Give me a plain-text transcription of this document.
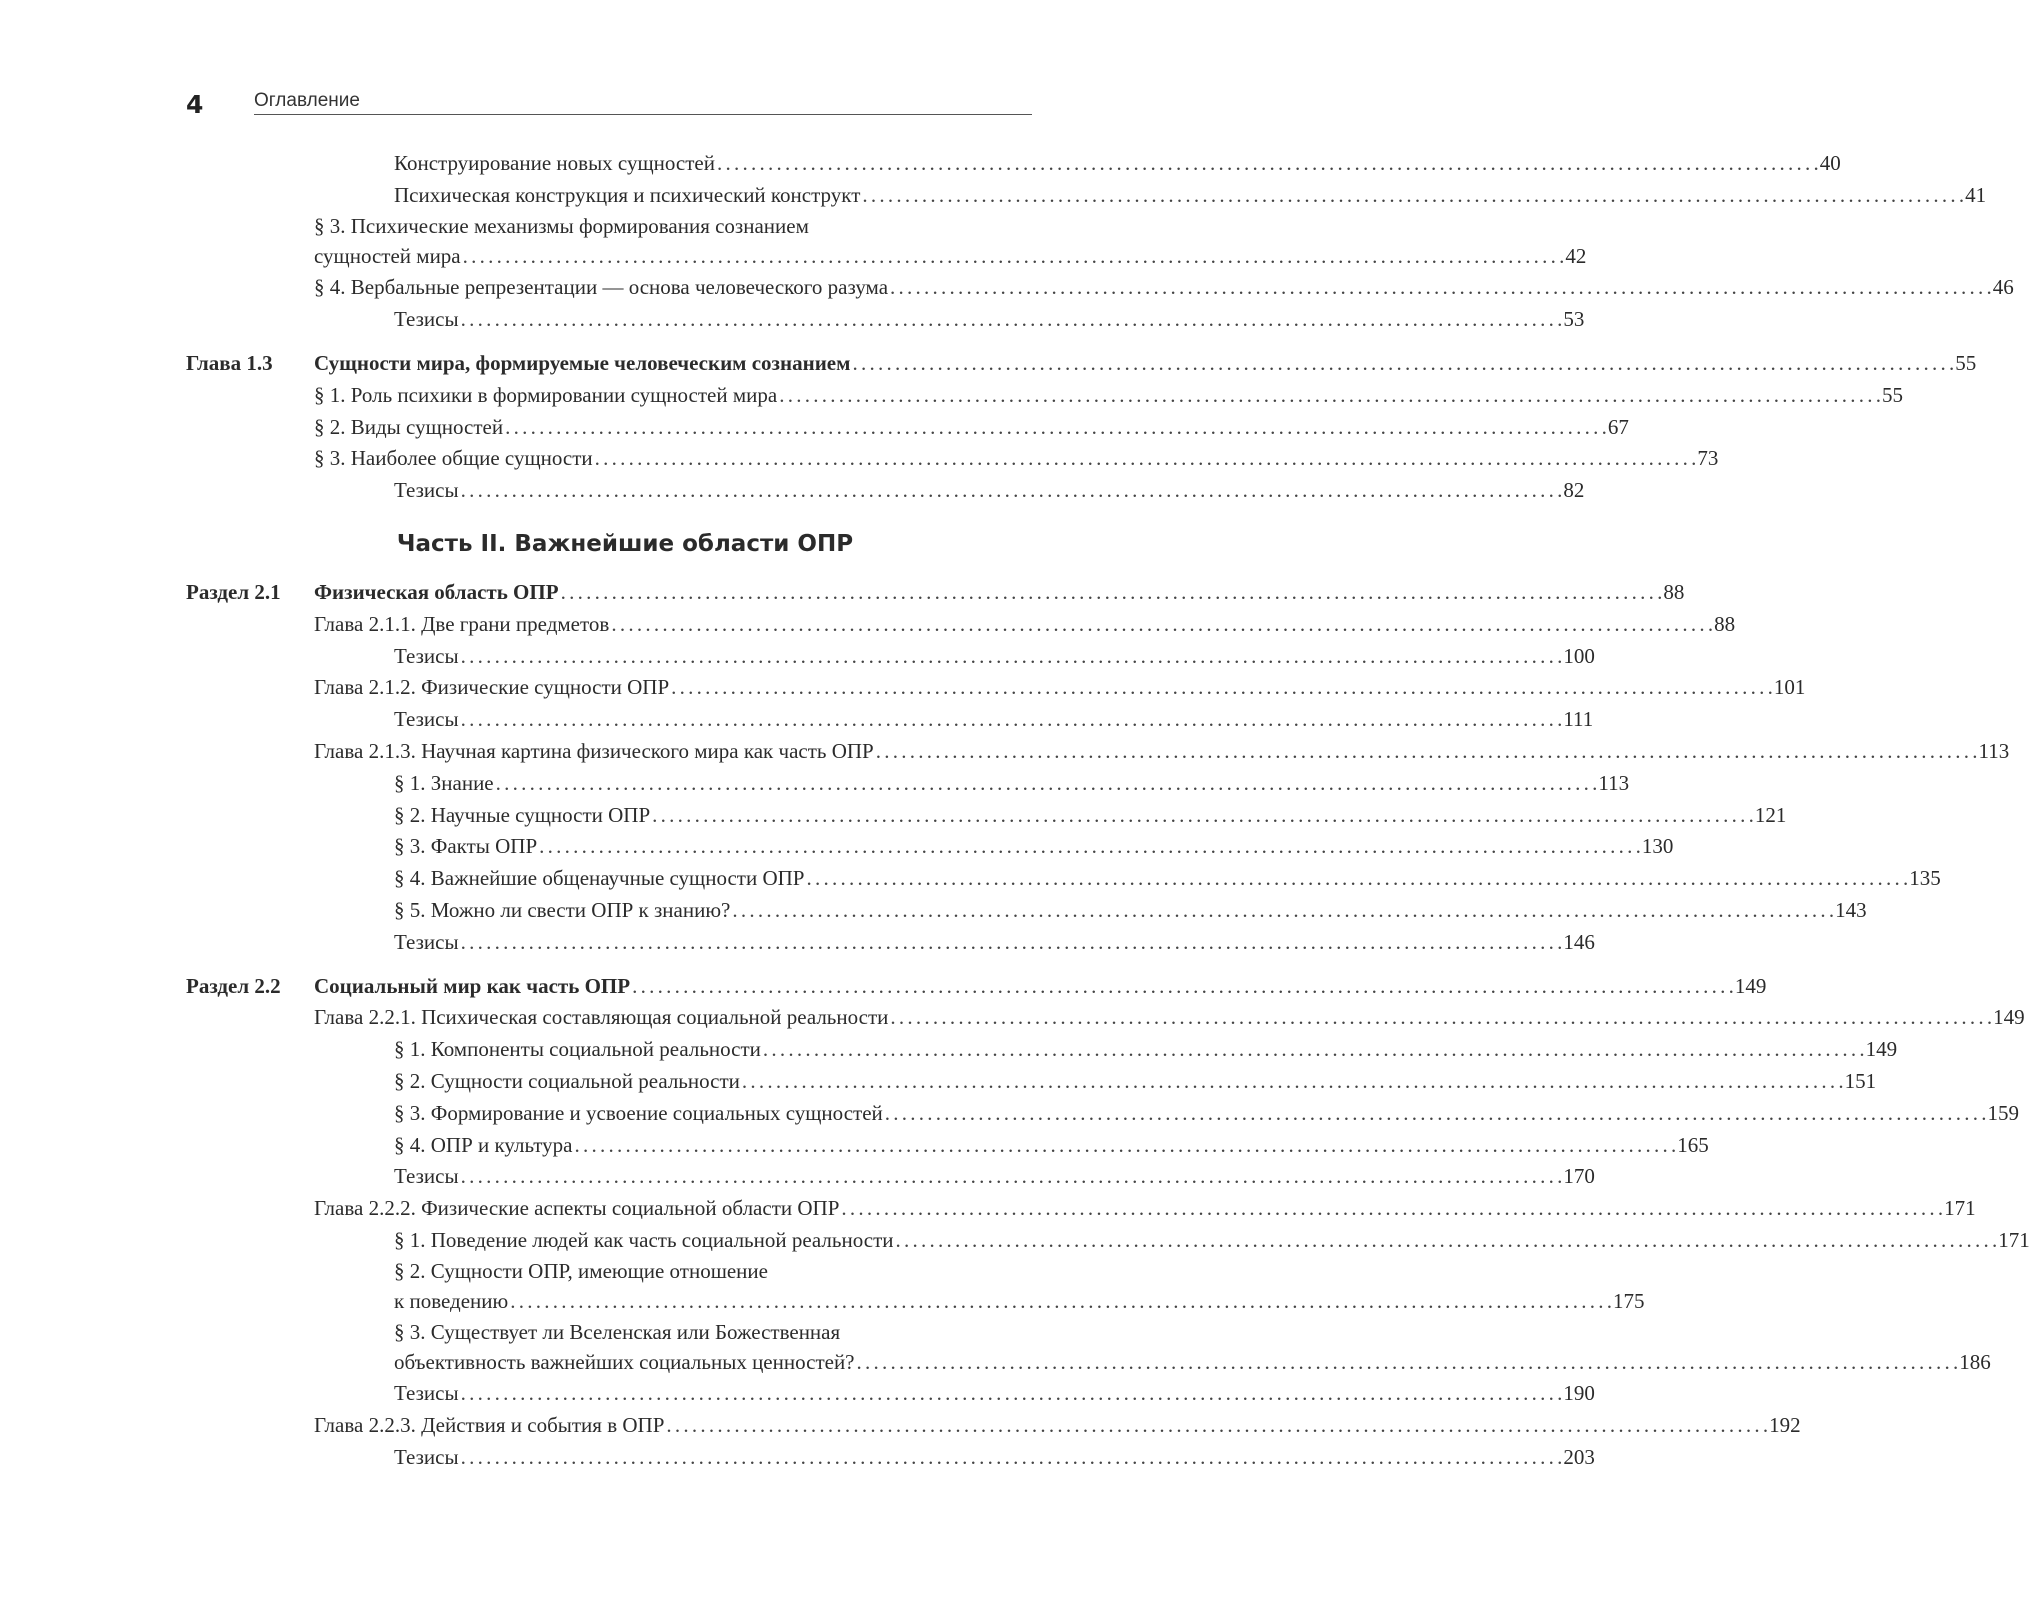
4	Оглавление
Конструирование новых сущностей . . .	40
Психическая конструкция и психический конструкт . . .	41
§ 3. Психические механизмы формирования сознанием
сущностей мира . . .	42
§ 4. Вербальные репрезентации — основа человеческого разума . . .	46
Тезисы . . .	53
Глава 1.3 Сущности мира, формируемые человеческим сознанием . . .	55
§ 1. Роль психики в формировании сущностей мира . . .	55
§ 2. Виды сущностей . . .	67
§ 3. Наиболее общие сущности . . .	73
Тезисы . . .	82
Часть II. Важнейшие области ОПР
Раздел 2.1 Физическая область ОПР . . .	88
Глава 2.1.1. Две грани предметов . . .	88
Тезисы . . .	100
Глава 2.1.2. Физические сущности ОПР . . .	101
Тезисы . . .	111
Глава 2.1.3. Научная картина физического мира как часть ОПР . . .	113
§ 1. Знание . . .	113
§ 2. Научные сущности ОПР . . .	121
§ 3. Факты ОПР . . .	130
§ 4. Важнейшие общенаучные сущности ОПР . . .	135
§ 5. Можно ли свести ОПР к знанию? . . .	143
Тезисы . . .	146
Раздел 2.2 Социальный мир как часть ОПР . . .	149
Глава 2.2.1. Психическая составляющая социальной реальности . . .	149
§ 1. Компоненты социальной реальности . . .	149
§ 2. Сущности социальной реальности . . .	151
§ 3. Формирование и усвоение социальных сущностей . . .	159
§ 4. ОПР и культура . . .	165
Тезисы . . .	170
Глава 2.2.2. Физические аспекты социальной области ОПР . . .	171
§ 1. Поведение людей как часть социальной реальности . . .	171
§ 2. Сущности ОПР, имеющие отношение
к поведению . . .	175
§ 3. Существует ли Вселенская или Божественная
объективность важнейших социальных ценностей? . . .	186
Тезисы . . .	190
Глава 2.2.3. Действия и события в ОПР . . .	192
Тезисы . . .	203
